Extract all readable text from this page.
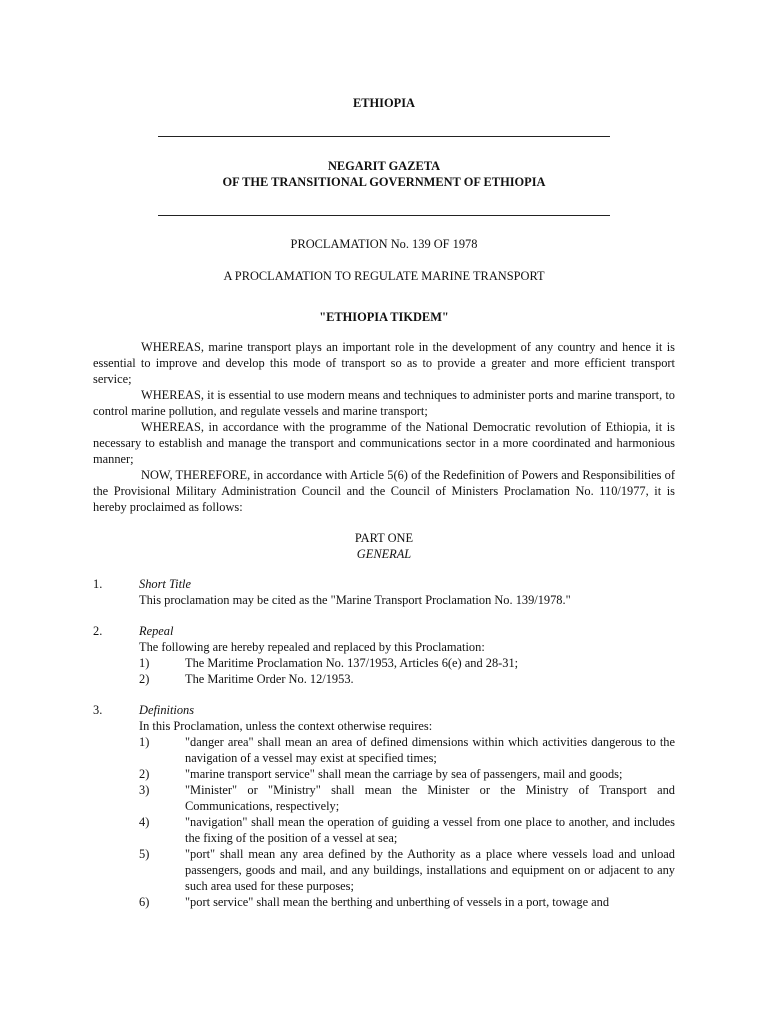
ETHIOPIA
NEGARIT GAZETA
OF THE TRANSITIONAL GOVERNMENT OF ETHIOPIA
PROCLAMATION No. 139 OF 1978
A PROCLAMATION TO REGULATE MARINE TRANSPORT
"ETHIOPIA TIKDEM"

WHEREAS, marine transport plays an important role in the development of any country and hence it is essential to improve and develop this mode of transport so as to provide a greater and more efficient transport service;

WHEREAS, it is essential to use modern means and techniques to administer ports and marine transport, to control marine pollution, and regulate vessels and marine transport;

WHEREAS, in accordance with the programme of the National Democratic revolution of Ethiopia, it is necessary to establish and manage the transport and communications sector in a more coordinated and harmonious manner;

NOW, THEREFORE, in accordance with Article 5(6) of the Redefinition of Powers and Responsibilities of the Provisional Military Administration Council and the Council of Ministers Proclamation No. 110/1977, it is hereby proclaimed as follows:

PART ONE
GENERAL
1.	Short Title
This proclamation may be cited as the "Marine Transport Proclamation No. 139/1978."
2.	Repeal
The following are hereby repealed and replaced by this Proclamation:
1)	The Maritime Proclamation No. 137/1953, Articles 6(e) and 28-31;
2)	The Maritime Order No. 12/1953.
3.	Definitions
In this Proclamation, unless the context otherwise requires:
1)	"danger area" shall mean an area of defined dimensions within which activities dangerous to the navigation of a vessel may exist at specified times;
2)	"marine transport service" shall mean the carriage by sea of passengers, mail and goods;
3)	"Minister" or "Ministry" shall mean the Minister or the Ministry of Transport and Communications, respectively;
4)	"navigation" shall mean the operation of guiding a vessel from one place to another, and includes the fixing of the position of a vessel at sea;
5)	"port" shall mean any area defined by the Authority as a place where vessels load and unload passengers, goods and mail, and any buildings, installations and equipment on or adjacent to any such area used for these purposes;
6)	"port service" shall mean the berthing and unberthing of vessels in a port, towage and
